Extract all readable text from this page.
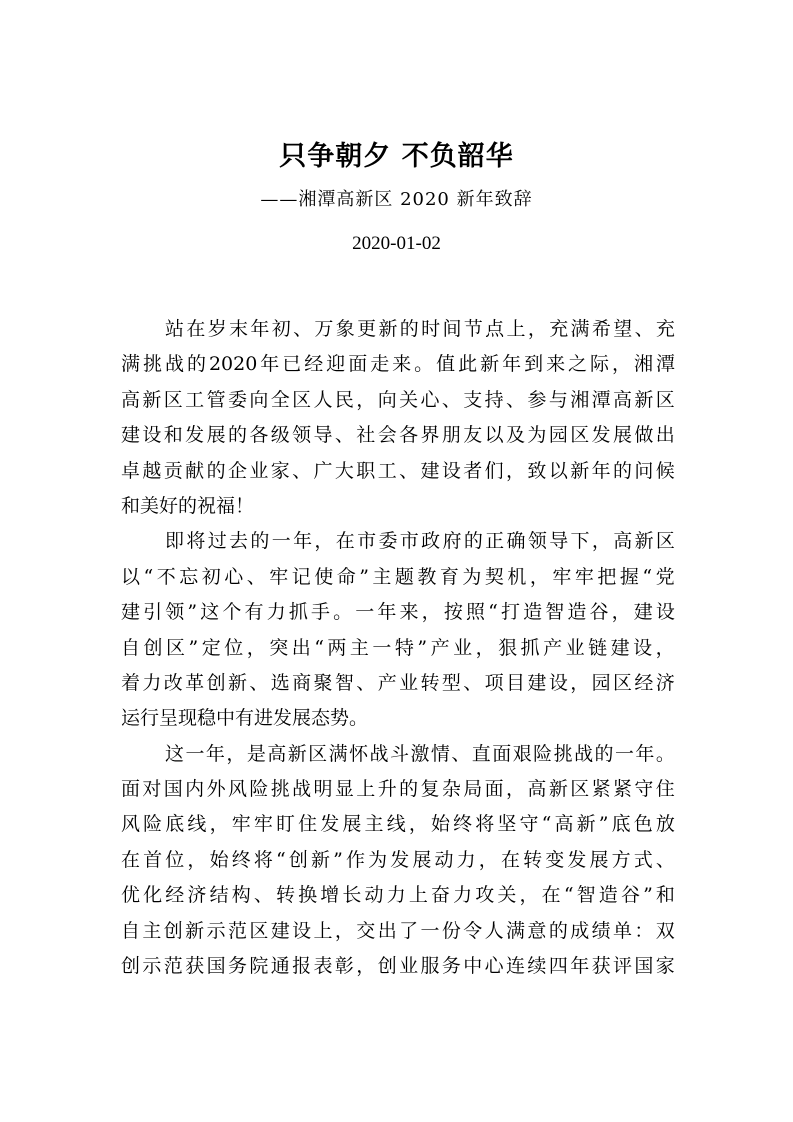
只争朝夕 不负韶华
——湘潭高新区 2020 新年致辞
2020-01-02
站 在 岁 末 年 初 、 万 象 更 新 的 时 间 节 点 上 ， 充 满 希 望 、 充
满 挑 战 的 2020 年 已 经 迎 面 走 来 。 值 此 新 年 到 来 之 际 ， 湘 潭
高 新 区 工 管 委 向 全 区 人 民 ， 向 关 心 、 支 持 、 参 与 湘 潭 高 新 区
建 设 和 发 展 的 各 级 领 导 、 社 会 各 界 朋 友 以 及 为 园 区 发 展 做 出
卓 越 贡 献 的 企 业 家 、 广 大 职 工 、 建 设 者 们 ， 致 以 新 年 的 问 候
和美好的祝福！
即 将 过 去 的 一 年 ， 在 市 委 市 政 府 的 正 确 领 导 下 ， 高 新 区
以 “ 不 忘 初 心 、 牢 记 使 命 ” 主 题 教 育 为 契 机 ， 牢 牢 把 握 “ 党
建 引 领 ” 这 个 有 力 抓 手 。 一 年 来 ， 按 照 “ 打 造 智 造 谷 ， 建 设
自 创 区 ” 定 位 ， 突 出 “ 两 主 一 特 ” 产 业 ， 狠 抓 产 业 链 建 设 ，
着 力 改 革 创 新 、 选 商 聚 智 、 产 业 转 型 、 项 目 建 设 ， 园 区 经 济
运行呈现稳中有进发展态势。
这 一 年 ， 是 高 新 区 满 怀 战 斗 激 情 、 直 面 艰 险 挑 战 的 一 年 。
面 对 国 内 外 风 险 挑 战 明 显 上 升 的 复 杂 局 面 ， 高 新 区 紧 紧 守 住
风 险 底 线 ， 牢 牢 盯 住 发 展 主 线 ， 始 终 将 坚 守 “ 高 新 ” 底 色 放
在 首 位 ， 始 终 将 “ 创 新 ” 作 为 发 展 动 力 ， 在 转 变 发 展 方 式 、
优 化 经 济 结 构 、 转 换 增 长 动 力 上 奋 力 攻 关 ， 在 “ 智 造 谷 ” 和
自 主 创 新 示 范 区 建 设 上 ， 交 出 了 一 份 令 人 满 意 的 成 绩 单 ： 双
创 示 范 获 国 务 院 通 报 表 彰 ， 创 业 服 务 中 心 连 续 四 年 获 评 国 家
